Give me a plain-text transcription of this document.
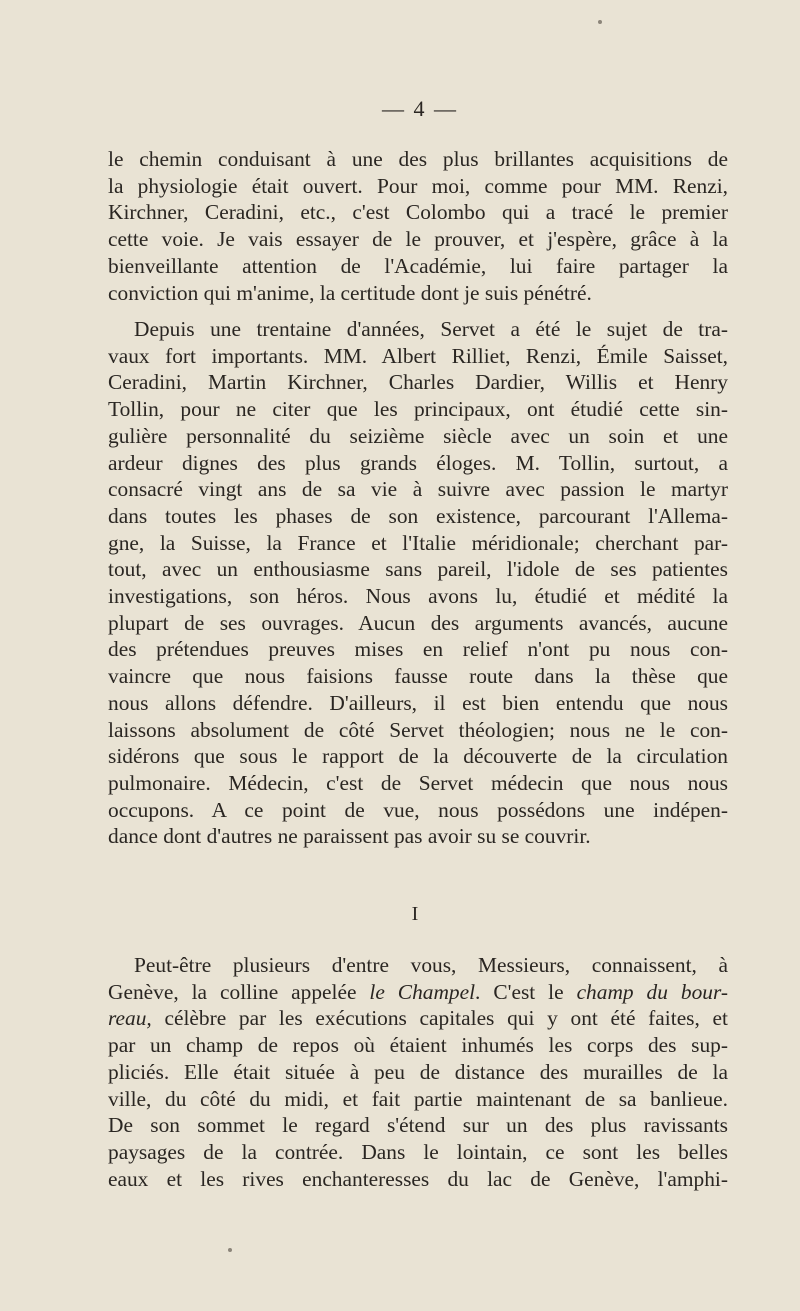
— 4 —
le chemin conduisant à une des plus brillantes acquisitions de
la physiologie était ouvert. Pour moi, comme pour MM. Renzi,
Kirchner, Ceradini, etc., c'est Colombo qui a tracé le premier
cette voie. Je vais essayer de le prouver, et j'espère, grâce à la
bienveillante attention de l'Académie, lui faire partager la
conviction qui m'anime, la certitude dont je suis pénétré.
Depuis une trentaine d'années, Servet a été le sujet de tra-
vaux fort importants. MM. Albert Rilliet, Renzi, Émile Saisset,
Ceradini, Martin Kirchner, Charles Dardier, Willis et Henry
Tollin, pour ne citer que les principaux, ont étudié cette sin-
gulière personnalité du seizième siècle avec un soin et une
ardeur dignes des plus grands éloges. M. Tollin, surtout, a
consacré vingt ans de sa vie à suivre avec passion le martyr
dans toutes les phases de son existence, parcourant l'Allema-
gne, la Suisse, la France et l'Italie méridionale; cherchant par-
tout, avec un enthousiasme sans pareil, l'idole de ses patientes
investigations, son héros. Nous avons lu, étudié et médité la
plupart de ses ouvrages. Aucun des arguments avancés, aucune
des prétendues preuves mises en relief n'ont pu nous con-
vaincre que nous faisions fausse route dans la thèse que
nous allons défendre. D'ailleurs, il est bien entendu que nous
laissons absolument de côté Servet théologien; nous ne le con-
sidérons que sous le rapport de la découverte de la circulation
pulmonaire. Médecin, c'est de Servet médecin que nous nous
occupons. A ce point de vue, nous possédons une indépen-
dance dont d'autres ne paraissent pas avoir su se couvrir.
I
Peut-être plusieurs d'entre vous, Messieurs, connaissent, à
Genève, la colline appelée le Champel. C'est le champ du bour-
reau, célèbre par les exécutions capitales qui y ont été faites, et
par un champ de repos où étaient inhumés les corps des sup-
pliciés. Elle était située à peu de distance des murailles de la
ville, du côté du midi, et fait partie maintenant de sa banlieue.
De son sommet le regard s'étend sur un des plus ravissants
paysages de la contrée. Dans le lointain, ce sont les belles
eaux et les rives enchanteresses du lac de Genève, l'amphi-
